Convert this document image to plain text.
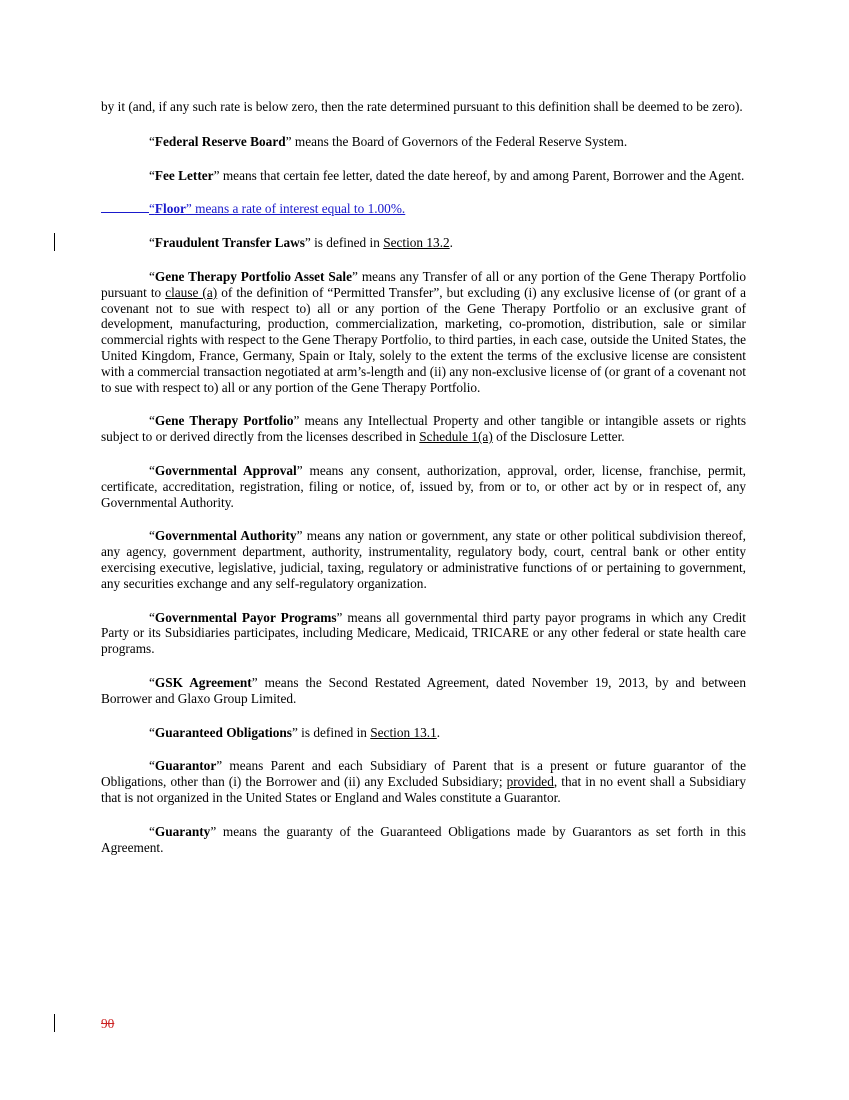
by it (and, if any such rate is below zero, then the rate determined pursuant to this definition shall be deemed to be zero).

“Federal Reserve Board” means the Board of Governors of the Federal Reserve System.

“Fee Letter” means that certain fee letter, dated the date hereof, by and among Parent, Borrower and the Agent.

“Floor” means a rate of interest equal to 1.00%.

“Fraudulent Transfer Laws” is defined in Section 13.2.

“Gene Therapy Portfolio Asset Sale” means any Transfer of all or any portion of the Gene Therapy Portfolio pursuant to clause (a) of the definition of “Permitted Transfer”, but excluding (i) any exclusive license of (or grant of a covenant not to sue with respect to) all or any portion of the Gene Therapy Portfolio or an exclusive grant of development, manufacturing, production, commercialization, marketing, co-promotion, distribution, sale or similar commercial rights with respect to the Gene Therapy Portfolio, to third parties, in each case, outside the United States, the United Kingdom, France, Germany, Spain or Italy, solely to the extent the terms of the exclusive license are consistent with a commercial transaction negotiated at arm’s-length and (ii) any non-exclusive license of (or grant of a covenant not to sue with respect to) all or any portion of the Gene Therapy Portfolio.

“Gene Therapy Portfolio” means any Intellectual Property and other tangible or intangible assets or rights subject to or derived directly from the licenses described in Schedule 1(a) of the Disclosure Letter.

“Governmental Approval” means any consent, authorization, approval, order, license, franchise, permit, certificate, accreditation, registration, filing or notice, of, issued by, from or to, or other act by or in respect of, any Governmental Authority.

“Governmental Authority” means any nation or government, any state or other political subdivision thereof, any agency, government department, authority, instrumentality, regulatory body, court, central bank or other entity exercising executive, legislative, judicial, taxing, regulatory or administrative functions of or pertaining to government, any securities exchange and any self-regulatory organization.

“Governmental Payor Programs” means all governmental third party payor programs in which any Credit Party or its Subsidiaries participates, including Medicare, Medicaid, TRICARE or any other federal or state health care programs.

“GSK Agreement” means the Second Restated Agreement, dated November 19, 2013, by and between Borrower and Glaxo Group Limited.

“Guaranteed Obligations” is defined in Section 13.1.

“Guarantor” means Parent and each Subsidiary of Parent that is a present or future guarantor of the Obligations, other than (i) the Borrower and (ii) any Excluded Subsidiary; provided, that in no event shall a Subsidiary that is not organized in the United States or England and Wales constitute a Guarantor.

“Guaranty” means the guaranty of the Guaranteed Obligations made by Guarantors as set forth in this Agreement.

90
